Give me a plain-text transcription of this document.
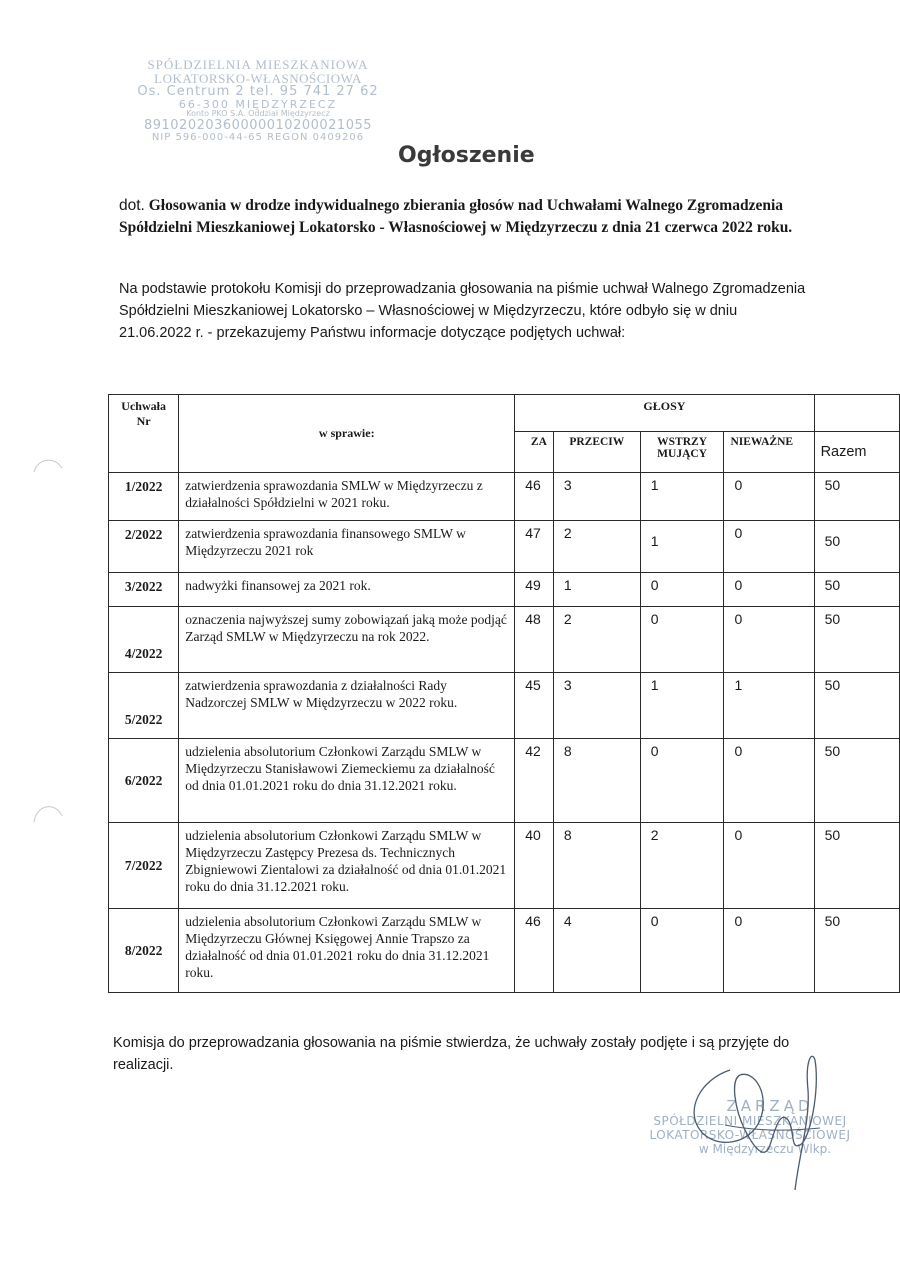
SPÓŁDZIELNIA MIESZKANIOWA
LOKATORSKO-WŁASNOŚCIOWA
Os. Centrum 2 tel. 95 741 27 62
66-300 MIĘDZYRZECZ
Konto PKO S.A. Oddział Międzyrzecz
89102020360000010200021055
NIP 596-000-44-65 REGON 0409206
Ogłoszenie
dot. Głosowania w drodze indywidualnego zbierania głosów nad Uchwałami Walnego Zgromadzenia Spółdzielni Mieszkaniowej Lokatorsko - Własnościowej w Międzyrzeczu z dnia 21 czerwca 2022 roku.
Na podstawie protokołu Komisji do przeprowadzania głosowania na piśmie uchwał Walnego Zgromadzenia Spółdzielni Mieszkaniowej Lokatorsko – Własnościowej w Międzyrzeczu, które odbyło się w dniu 21.06.2022 r. - przekazujemy Państwu informacje dotyczące podjętych uchwał:
Uchwała Nr	w sprawie:	GŁOSY				
		ZA	PRZECIW	WSTRZY MUJĄCY	NIEWAŻNE	Razem
1/2022	zatwierdzenia sprawozdania SMLW w Międzyrzeczu z działalności Spółdzielni w 2021 roku.	46	3	1	0	50
2/2022	zatwierdzenia sprawozdania finansowego SMLW w Międzyrzeczu 2021 rok	47	2	1	0	50
3/2022	nadwyżki finansowej za 2021 rok.	49	1	0	0	50
4/2022	oznaczenia najwyższej sumy zobowiązań jaką może podjąć Zarząd SMLW w Międzyrzeczu na rok 2022.	48	2	0	0	50
5/2022	zatwierdzenia sprawozdania z działalności Rady Nadzorczej SMLW w Międzyrzeczu w 2022 roku.	45	3	1	1	50
6/2022	udzielenia absolutorium Członkowi Zarządu SMLW w Międzyrzeczu Stanisławowi Ziemeckiemu za działalność od dnia 01.01.2021 roku do dnia 31.12.2021 roku.	42	8	0	0	50
7/2022	udzielenia absolutorium Członkowi Zarządu SMLW w Międzyrzeczu Zastępcy Prezesa ds. Technicznych Zbigniewowi Zientalowi za działalność od dnia 01.01.2021 roku do dnia 31.12.2021 roku.	40	8	2	0	50
8/2022	udzielenia absolutorium Członkowi Zarządu SMLW w Międzyrzeczu Głównej Księgowej Annie Trapszo za działalność od dnia 01.01.2021 roku do dnia 31.12.2021 roku.	46	4	0	0	50
Komisja do przeprowadzania głosowania na piśmie stwierdza, że uchwały zostały podjęte i są przyjęte do realizacji.
ZARZĄD
SPÓŁDZIELNI MIESZKANIOWEJ
LOKATORSKO-WŁASNOŚCIOWEJ
w Międzyrzeczu Wlkp.
